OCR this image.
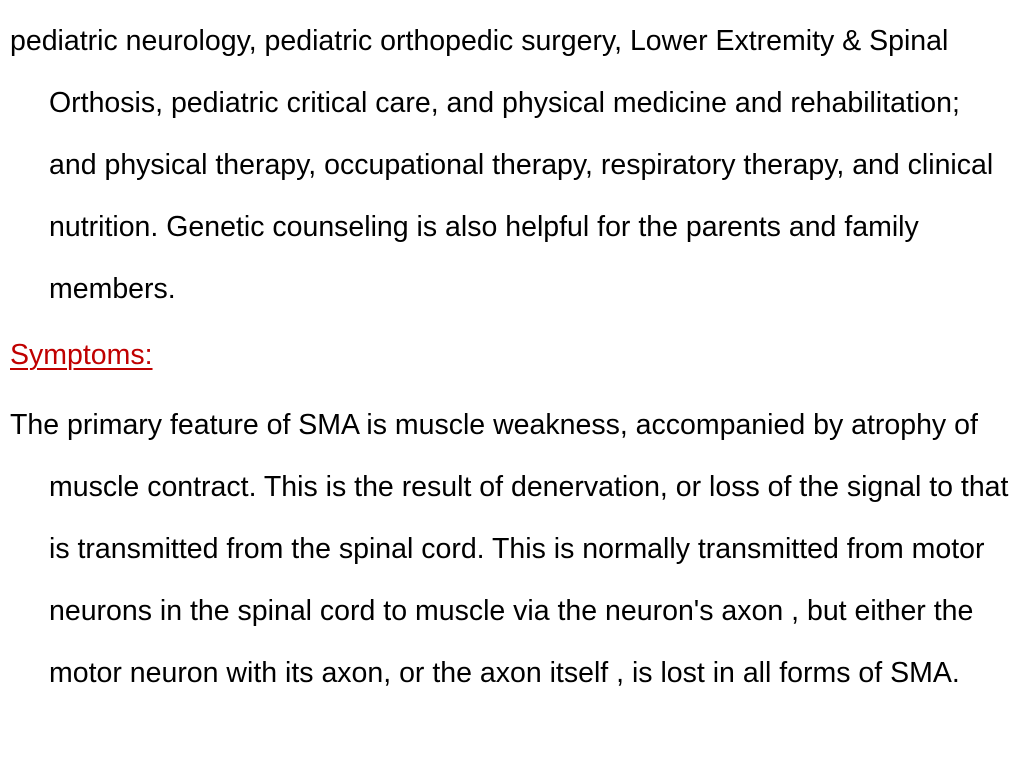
pediatric neurology, pediatric orthopedic surgery, Lower Extremity & Spinal Orthosis, pediatric critical care, and physical medicine and rehabilitation; and physical therapy, occupational therapy, respiratory therapy, and clinical nutrition. Genetic counseling is also helpful for the parents and family members.

Symptoms:

The primary feature of SMA is muscle weakness, accompanied by atrophy of muscle contract. This is the result of denervation, or loss of the signal to that is transmitted from the spinal cord. This is normally transmitted from motor neurons in the spinal cord to muscle via the neuron's axon , but either the motor neuron with its axon, or the axon itself , is lost in all forms of SMA.
